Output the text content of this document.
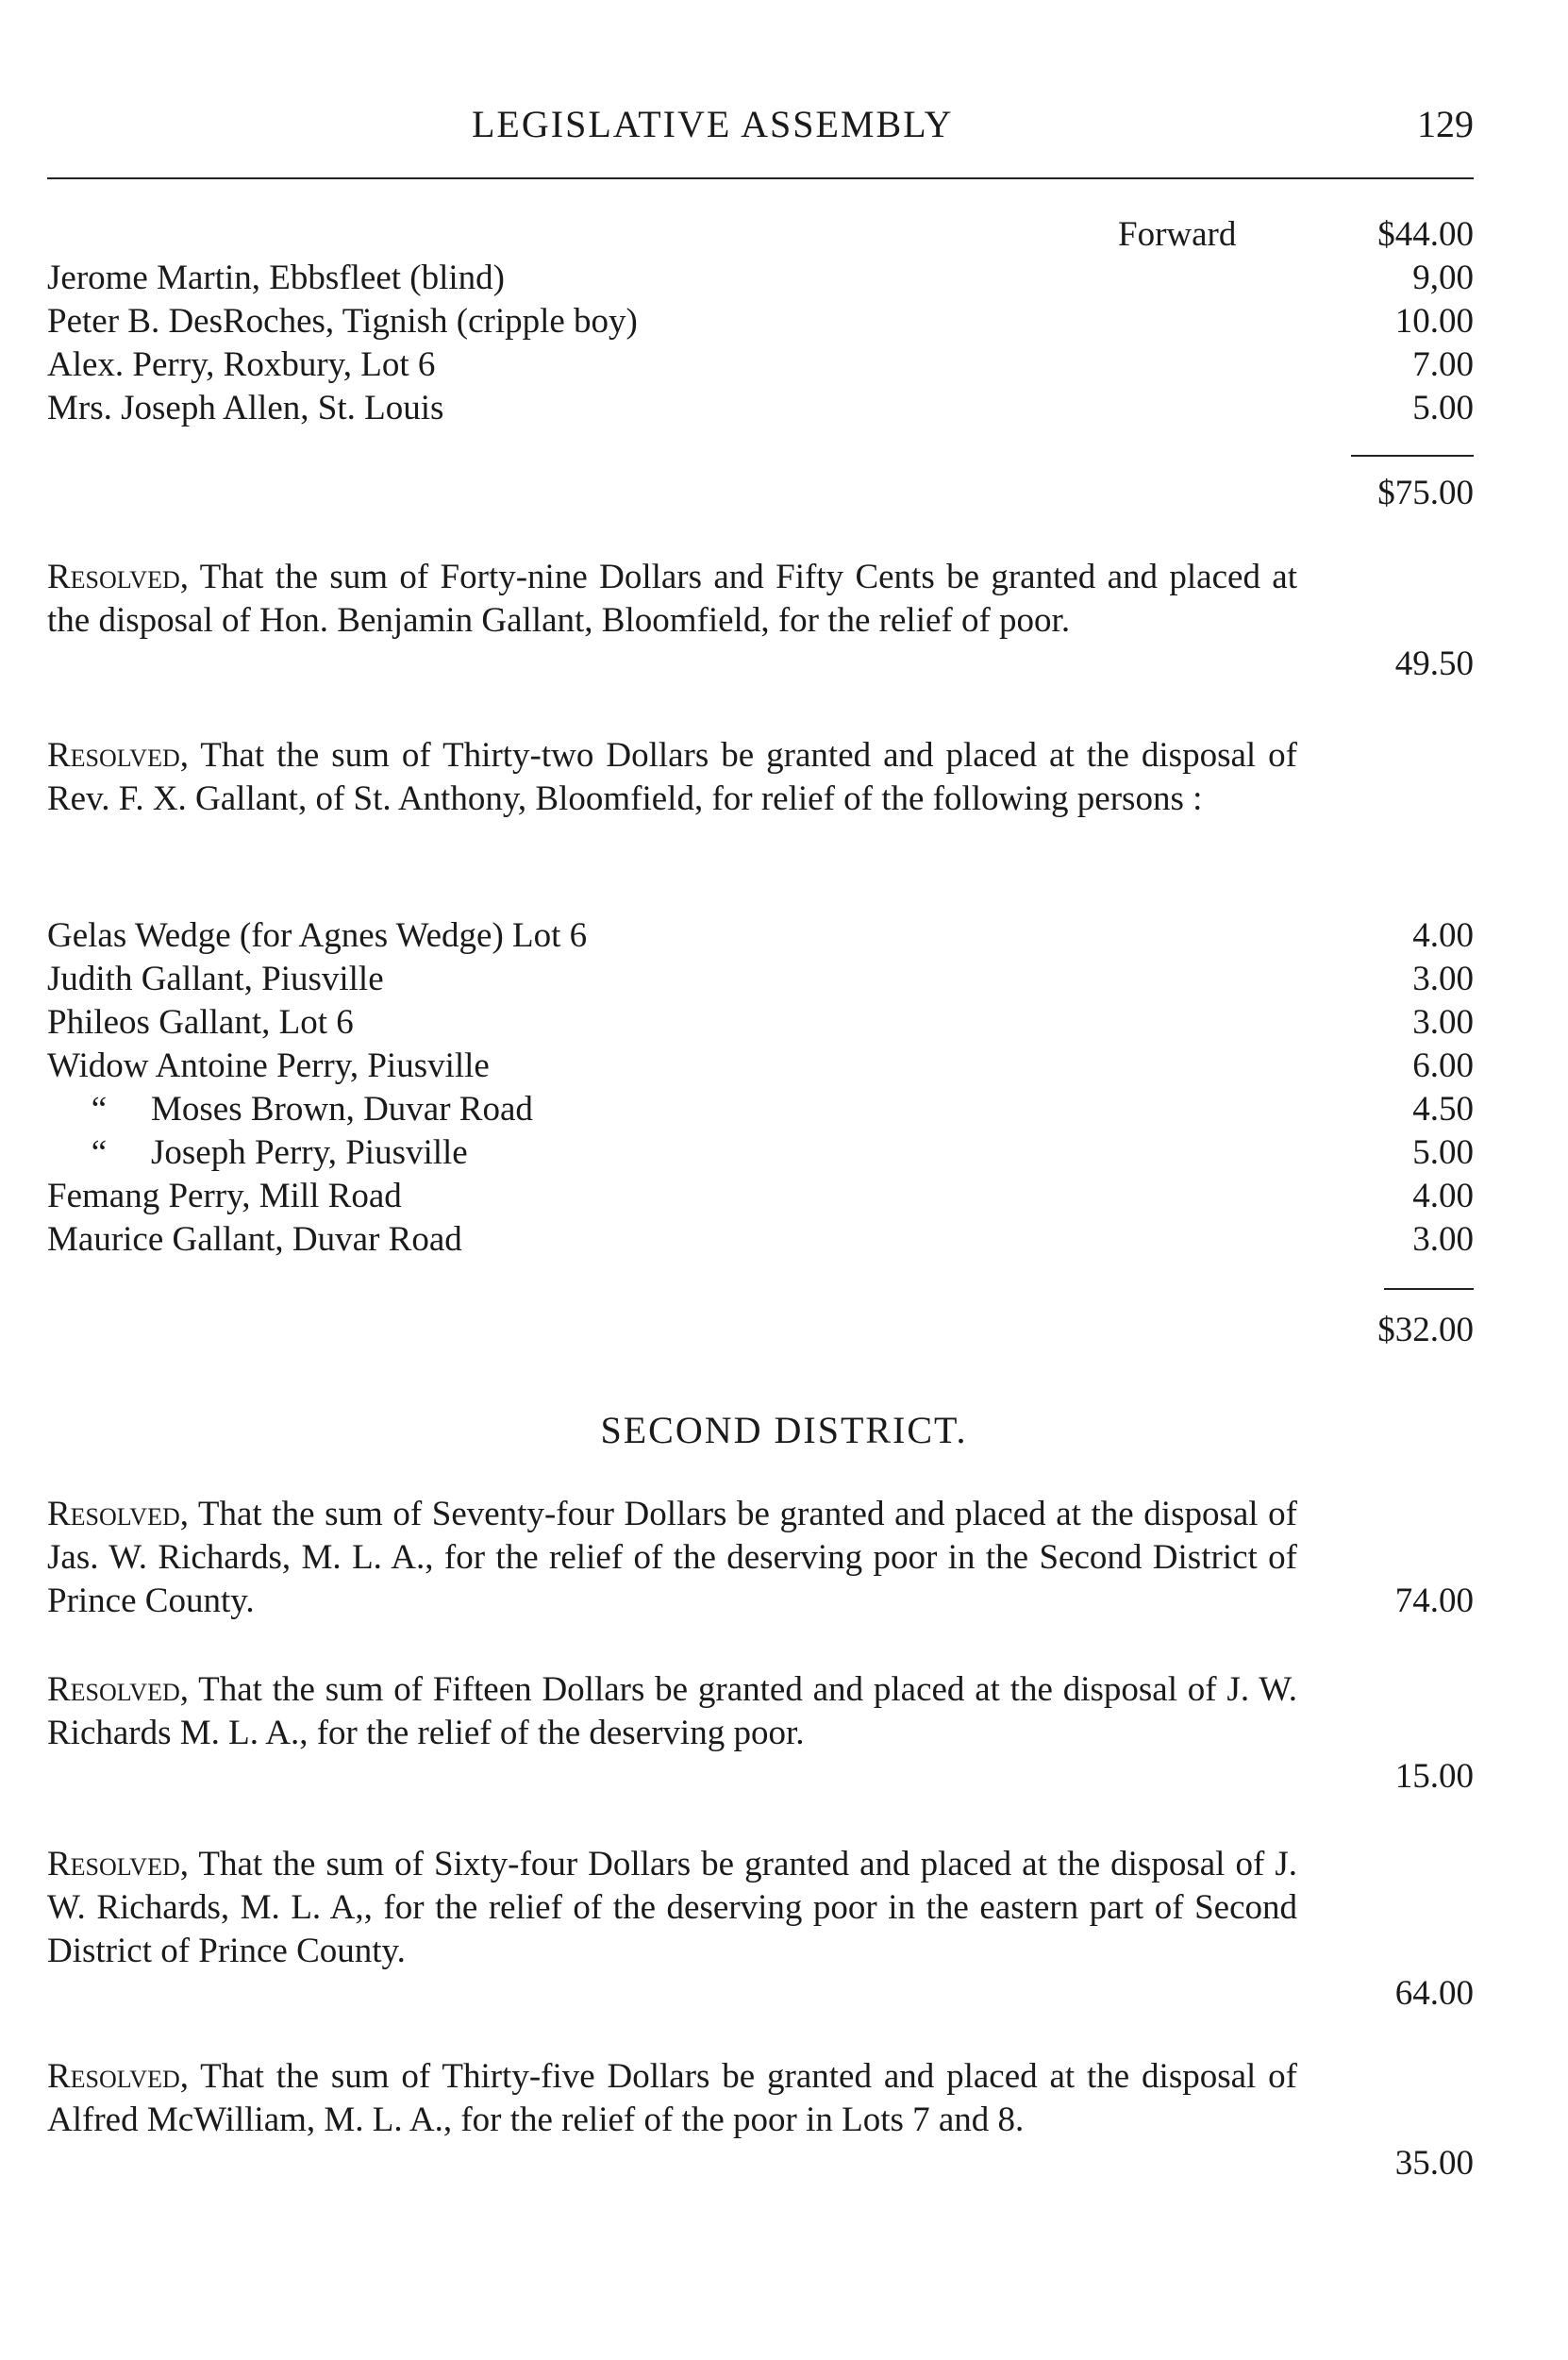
LEGISLATIVE ASSEMBLY	129
Forward	$44.00
Jerome Martin, Ebbsfleet (blind)	9,00
Peter B. DesRoches, Tignish (cripple boy)	10.00
Alex. Perry, Roxbury, Lot 6	7.00
Mrs. Joseph Allen, St. Louis	5.00
$75.00
Resolved, That the sum of Forty-nine Dollars and Fifty Cents be granted and placed at the disposal of Hon. Benjamin Gallant, Bloomfield, for the relief of poor.
49.50
Resolved, That the sum of Thirty-two Dollars be granted and placed at the disposal of Rev. F. X. Gallant, of St. Anthony, Bloomfield, for relief of the following persons :
Gelas Wedge (for Agnes Wedge) Lot 6	4.00
Judith Gallant, Piusville	3.00
Phileos Gallant, Lot 6	3.00
Widow Antoine Perry, Piusville	6.00
“ Moses Brown, Duvar Road	4.50
“ Joseph Perry, Piusville	5.00
Femang Perry, Mill Road	4.00
Maurice Gallant, Duvar Road	3.00
$32.00
SECOND DISTRICT.
Resolved, That the sum of Seventy-four Dollars be granted and placed at the disposal of Jas. W. Richards, M. L. A., for the relief of the deserving poor in the Second District of Prince County.	74.00
Resolved, That the sum of Fifteen Dollars be granted and placed at the disposal of J. W. Richards M. L. A., for the relief of the deserving poor.
15.00
Resolved, That the sum of Sixty-four Dollars be granted and placed at the disposal of J. W. Richards, M. L. A,, for the relief of the deserving poor in the eastern part of Second District of Prince County.
64.00
Resolved, That the sum of Thirty-five Dollars be granted and placed at the disposal of Alfred McWilliam, M. L. A., for the relief of the poor in Lots 7 and 8.
35.00
